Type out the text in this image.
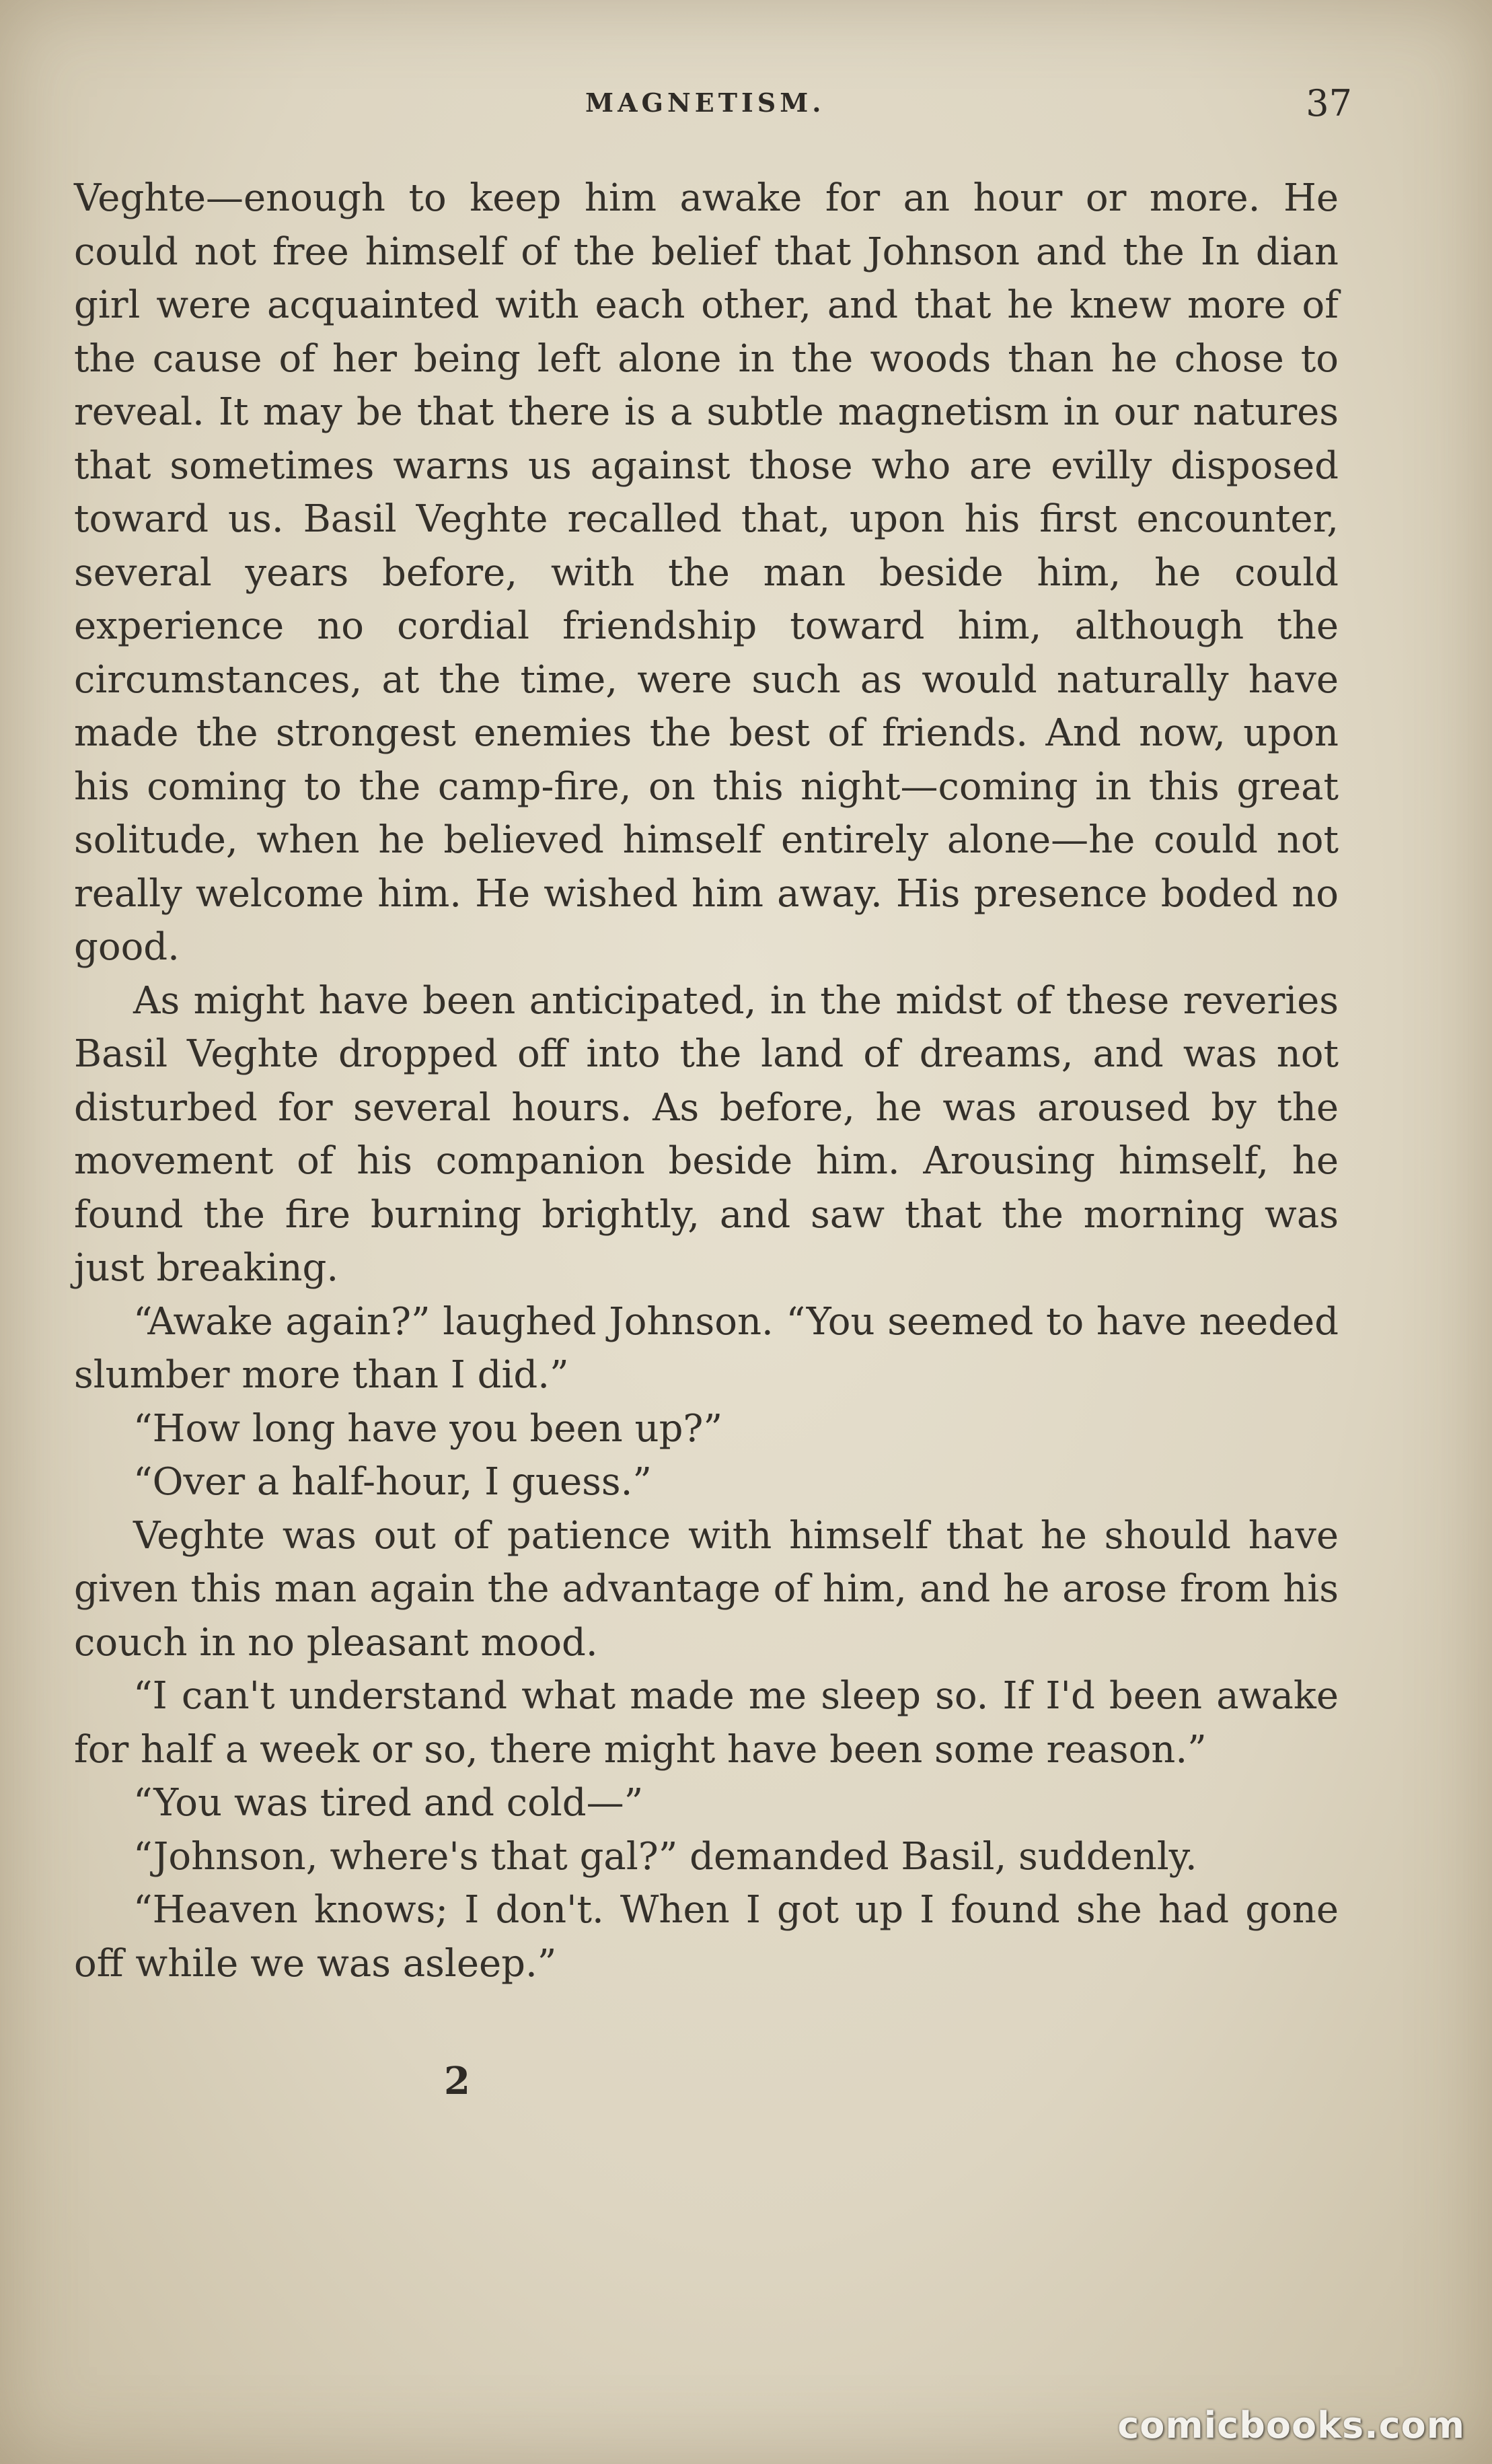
MAGNETISM.	37

Veghte—enough to keep him awake for an hour or more. He could not free himself of the belief that Johnson and the In dian girl were acquainted with each other, and that he knew more of the cause of her being left alone in the woods than he chose to reveal. It may be that there is a subtle magnetism in our natures that sometimes warns us against those who are evilly disposed toward us. Basil Veghte recalled that, upon his first encounter, several years before, with the man beside him, he could experience no cordial friendship toward him, although the circumstances, at the time, were such as would naturally have made the strongest enemies the best of friends. And now, upon his coming to the camp-fire, on this night—coming in this great solitude, when he believed himself entirely alone—he could not really welcome him. He wished him away. His presence boded no good.

As might have been anticipated, in the midst of these reveries Basil Veghte dropped off into the land of dreams, and was not disturbed for several hours. As before, he was aroused by the movement of his companion beside him. Arousing himself, he found the fire burning brightly, and saw that the morning was just breaking.

“Awake again?” laughed Johnson. “You seemed to have needed slumber more than I did.”

“How long have you been up?”

“Over a half-hour, I guess.”

Veghte was out of patience with himself that he should have given this man again the advantage of him, and he arose from his couch in no pleasant mood.

“I can't understand what made me sleep so. If I'd been awake for half a week or so, there might have been some reason.”

“You was tired and cold—”

“Johnson, where's that gal?” demanded Basil, suddenly.

“Heaven knows; I don't. When I got up I found she had gone off while we was asleep.”

2
comicbooks.com
